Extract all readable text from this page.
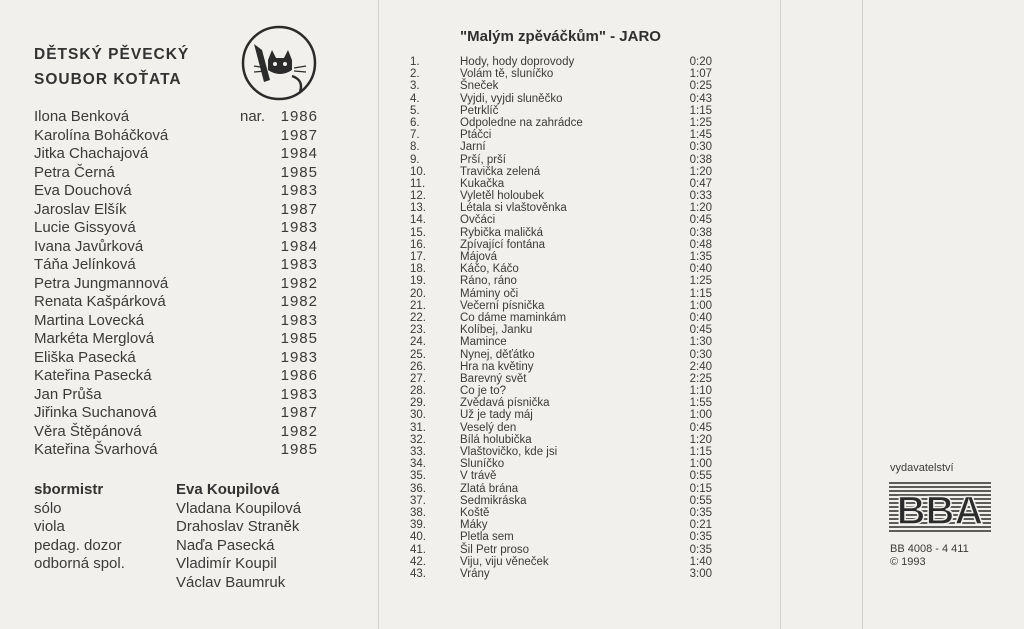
DĚTSKÝ PĚVECKÝ
SOUBOR KOŤATA
Ilona Benková	nar. 1986
Karolína Boháčková	1987
Jitka Chachajová	1984
Petra Černá	1985
Eva Douchová	1983
Jaroslav Elšík	1987
Lucie Gissyová	1983
Ivana Javůrková	1984
Táňa Jelínková	1983
Petra Jungmannová	1982
Renata Kašpárková	1982
Martina Lovecká	1983
Markéta Merglová	1985
Eliška Pasecká	1983
Kateřina Pasecká	1986
Jan Průša	1983
Jiřinka Suchanová	1987
Věra Štěpánová	1982
Kateřina Švarhová	1985
sbormistr	Eva Koupilová
sólo	Vladana Koupilová
viola	Drahoslav Straněk
pedag. dozor	Naďa Pasecká
odborná spol.	Vladimír Koupil
Václav Baumruk
"Malým zpěváčkům" - JARO
1.	Hody, hody doprovody	0:20
2.	Volám tě, sluníčko	1:07
3.	Šneček	0:25
4.	Vyjdi, vyjdi sluněčko	0:43
5.	Petrklíč	1:15
6.	Odpoledne na zahrádce	1:25
7.	Ptáčci	1:45
8.	Jarní	0:30
9.	Prší, prší	0:38
10.	Travička zelená	1:20
11.	Kukačka	0:47
12.	Vyletěl holoubek	0:33
13.	Létala si vlaštověnka	1:20
14.	Ovčáci	0:45
15.	Rybička maličká	0:38
16.	Zpívající fontána	0:48
17.	Májová	1:35
18.	Káčo, Káčo	0:40
19.	Ráno, ráno	1:25
20.	Máminy oči	1:15
21.	Večerní písnička	1:00
22.	Co dáme maminkám	0:40
23.	Kolíbej, Janku	0:45
24.	Mamince	1:30
25.	Nynej, děťátko	0:30
26.	Hra na květiny	2:40
27.	Barevný svět	2:25
28.	Co je to?	1:10
29.	Zvědavá písnička	1:55
30.	Už je tady máj	1:00
31.	Veselý den	0:45
32.	Bílá holubička	1:20
33.	Vlaštovičko, kde jsi	1:15
34.	Sluníčko	1:00
35.	V trávě	0:55
36.	Zlatá brána	0:15
37.	Sedmikráska	0:55
38.	Koště	0:35
39.	Máky	0:21
40.	Pletla sem	0:35
41.	Šil Petr proso	0:35
42.	Viju, viju věneček	1:40
43.	Vrány	3:00
vydavatelství
BBA
BB 4008 - 4 411
© 1993
